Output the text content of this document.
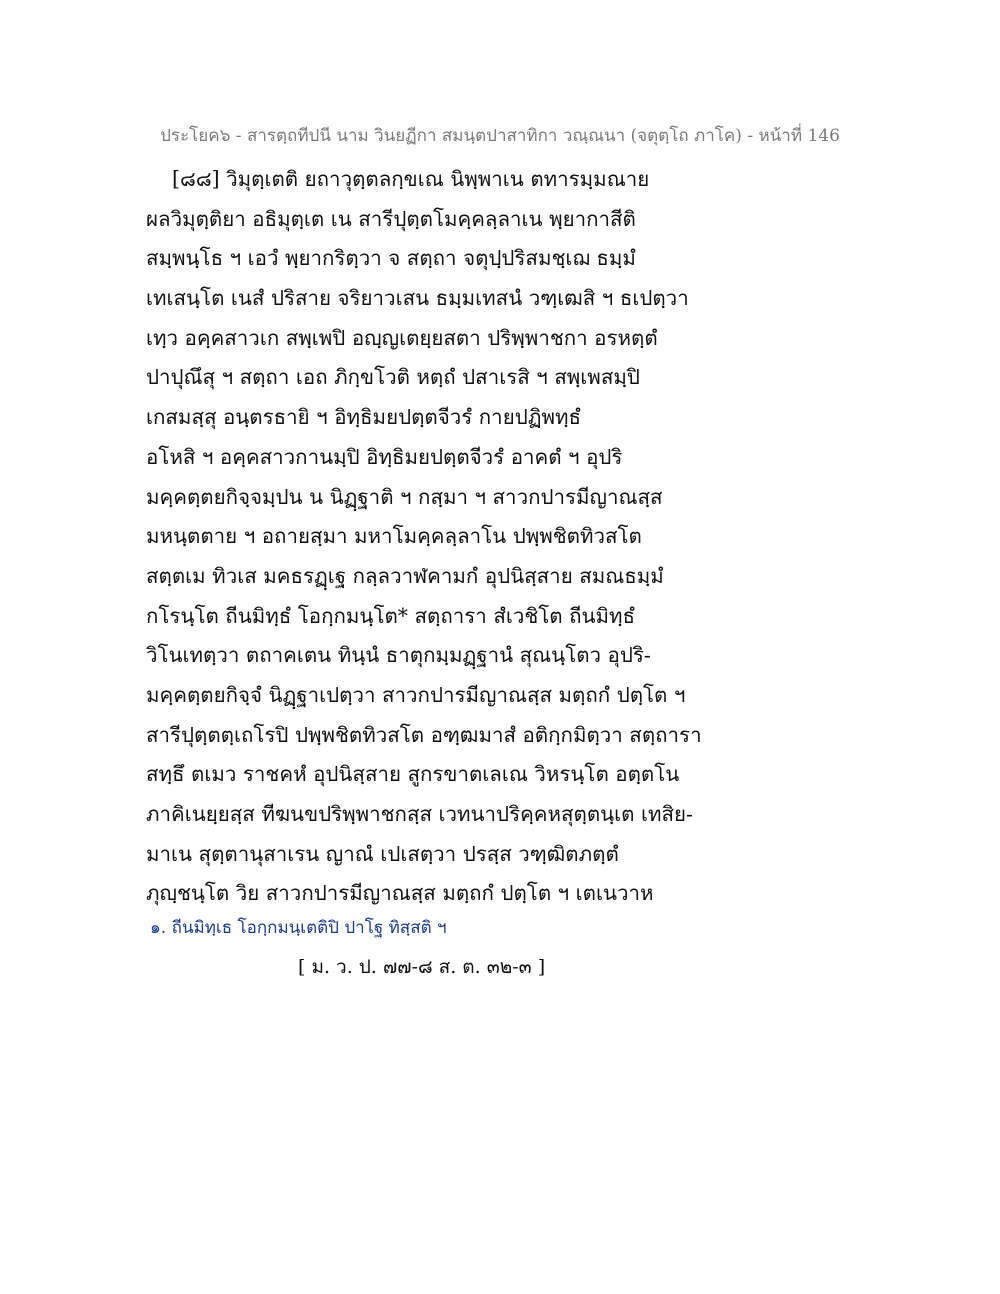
ประโยค๖ - สารตฺถทีปนี นาม วินยฏีกา สมนฺตปาสาทิกา วณฺณนา (จตุตฺโถ ภาโค) - หน้าที่ 146
[๘๘] วิมุตฺเตติ ยถาวุตฺตลกฺขเณ นิพฺพาเน ตทารมฺมณาย
ผลวิมุตฺติยา อธิมุตฺเต เน สารีปุตฺตโมคฺคลฺลาเน พฺยากาสีติ
สมฺพนฺโธ ฯ เอวํ พฺยากริตฺวา จ สตฺถา จตุปฺปริสมชฺเฌ ธมฺมํ
เทเสนฺโต เนสํ ปริสาย จริยาวเสน ธมฺมเทสนํ วฑฺเฒสิ ฯ ธเปตฺวา
เทฺว อคฺคสาวเก สพฺเพปิ อญฺญเตยฺยสตา ปริพฺพาชกา อรหตฺตํ
ปาปุณึสุ ฯ สตฺถา เอถ ภิกฺขโวติ หตฺถํ ปสาเรสิ ฯ สพฺเพสมฺปิ
เกสมสฺสุ อนฺตรธายิ ฯ อิทฺธิมยปตฺตจีวรํ กายปฏิพทฺธํ
อโหสิ ฯ อคฺคสาวกานมฺปิ อิทฺธิมยปตฺตจีวรํ อาคตํ ฯ อุปริ
มคฺคตฺตยกิจฺจมฺปน น นิฏฺฐาติ ฯ กสฺมา ฯ สาวกปารมีญาณสฺส
มหนฺตตาย ฯ อถายสฺมา มหาโมคฺคลฺลาโน ปพฺพชิตทิวสโต
สตฺตเม ทิวเส มคธรฏฺเฐ กลฺลวาฬคามกํ อุปนิสฺสาย สมณธมฺมํ
กโรนฺโต ถีนมิทฺธํ โอกฺกมนฺโต* สตฺถารา สํเวชิโต ถีนมิทฺธํ
วิโนเทตฺวา ตถาคเตน ทินฺนํ ธาตุกมฺมฏฺฐานํ สุณนฺโตว อุปริ-
มคฺคตฺตยกิจฺจํ นิฏฺฐาเปตฺวา สาวกปารมีญาณสฺส มตฺถกํ ปตฺโต ฯ
สารีปุตฺตตฺเถโรปิ ปพฺพชิตทิวสโต อฑฺฒมาสํ อติกฺกมิตฺวา สตฺถารา
สทฺธึ ตเมว ราชคหํ อุปนิสฺสาย สูกรขาตเลเณ วิหรนฺโต อตฺตโน
ภาคิเนยฺยสฺส ทีฆนขปริพฺพาชกสฺส เวทนาปริคฺคหสุตฺตนฺเต เทสิย-
มาเน สุตฺตานุสาเรน ญาณํ เปเสตฺวา ปรสฺส วฑฺฒิตภตฺตํ
ภุญฺชนฺโต วิย สาวกปารมีญาณสฺส มตฺถกํ ปตฺโต ฯ เตเนวาห
๑. ถีนมิทฺเธ โอกฺกมนฺเตติปิ ปาโฐ ทิสฺสติ ฯ
[ ม. ว. ป. ๗๗-๘ ส. ต. ๓๒-๓ ]
